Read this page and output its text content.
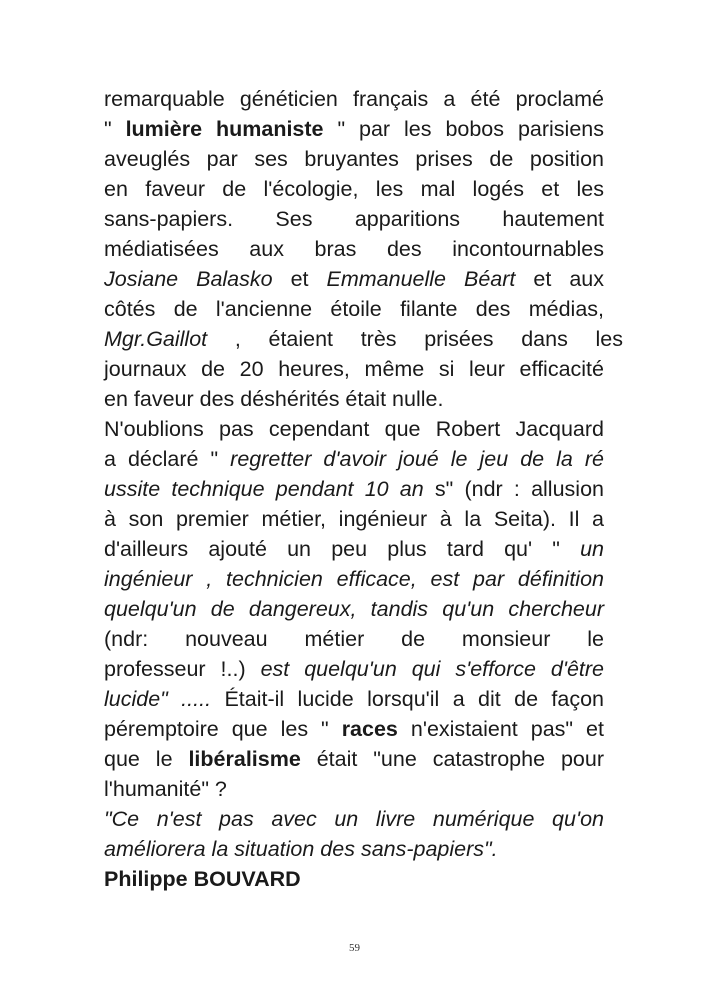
remarquable généticien français a été proclamé
" lumière humaniste " par les bobos parisiens
aveuglés par ses bruyantes prises de position
en faveur de l'écologie, les mal logés et les
sans-papiers. Ses apparitions hautement
médiatisées aux bras des incontournables
Josiane Balasko et Emmanuelle Béart et aux
côtés de l'ancienne étoile filante des médias,
Mgr.Gaillot , étaient très prisées dans les
journaux de 20 heures, même si leur efficacité
en faveur des déshérités était nulle.
N'oublions pas cependant que Robert Jacquard
a déclaré " regretter d'avoir joué le jeu de la ré
ussite technique pendant 10 an s" (ndr : allusion
à son premier métier, ingénieur à la Seita). Il a
d'ailleurs ajouté un peu plus tard qu' " un
ingénieur , technicien efficace, est par définition
quelqu'un de dangereux, tandis qu'un chercheur
(ndr: nouveau métier de monsieur le
professeur !..) est quelqu'un qui s'efforce d'être
lucide" ..... Était-il lucide lorsqu'il a dit de façon
péremptoire que les " races n'existaient pas" et
que le libéralisme était "une catastrophe pour
l'humanité" ?
"Ce n'est pas avec un livre numérique qu'on
améliorera la situation des sans-papiers".
Philippe BOUVARD
59
